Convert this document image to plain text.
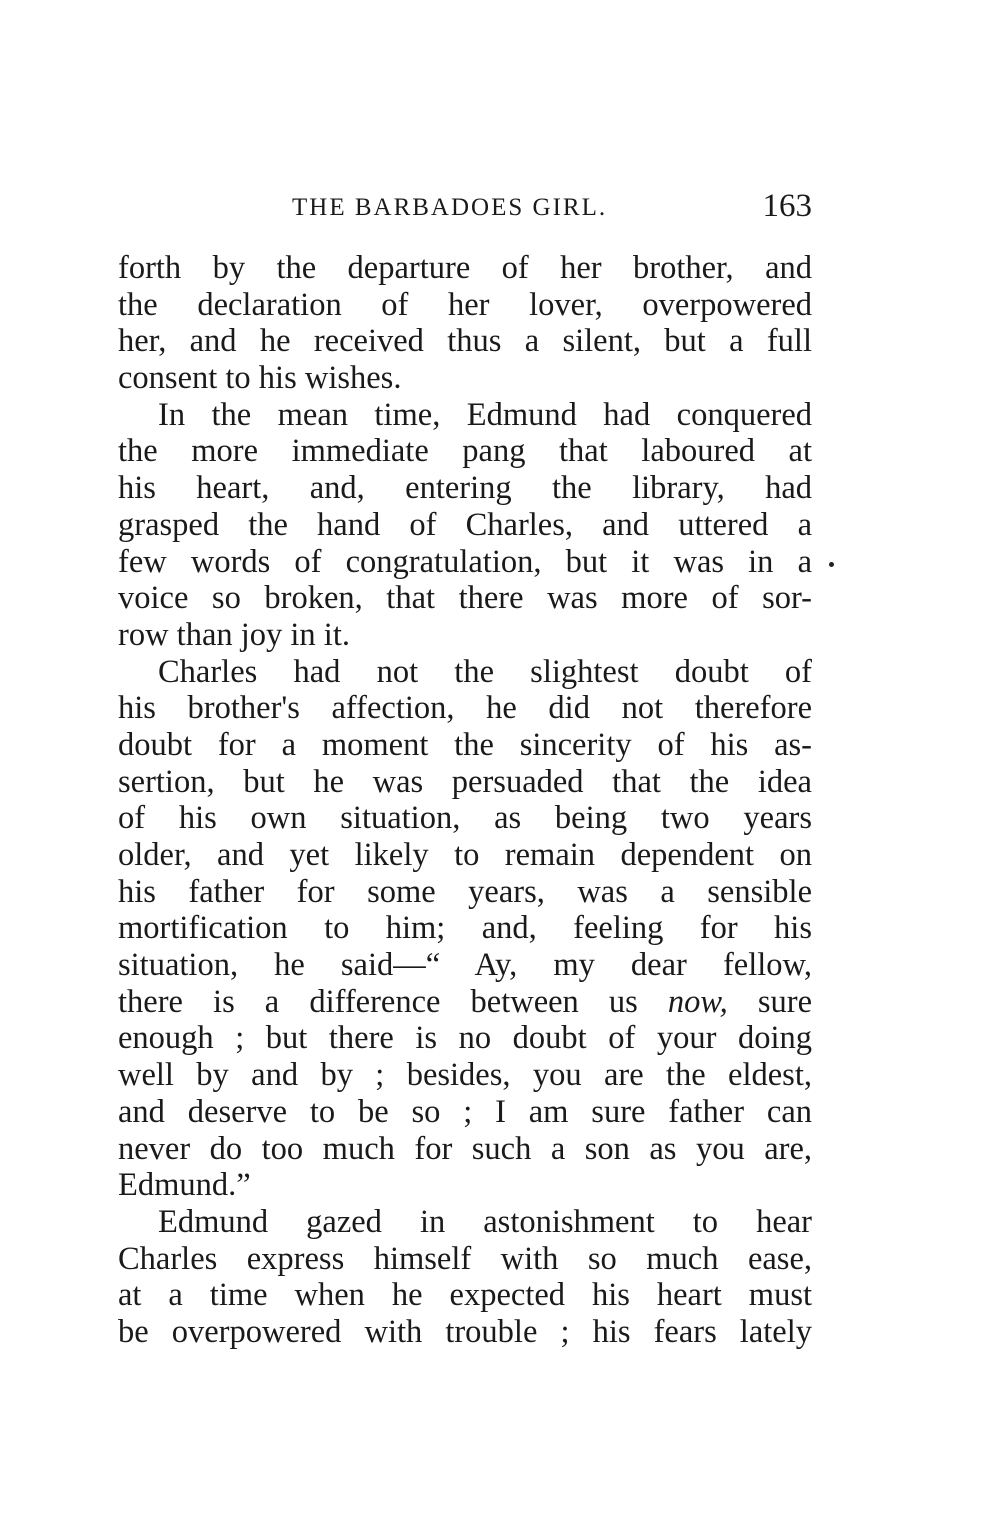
THE BARBADOES GIRL.	163
forth by the departure of her brother, and
the declaration of her lover, overpowered
her, and he received thus a silent, but a full
consent to his wishes.
In the mean time, Edmund had conquered
the more immediate pang that laboured at
his heart, and, entering the library, had
grasped the hand of Charles, and uttered a
few words of congratulation, but it was in a
voice so broken, that there was more of sor-
row than joy in it.
Charles had not the slightest doubt of
his brother's affection, he did not therefore
doubt for a moment the sincerity of his as-
sertion, but he was persuaded that the idea
of his own situation, as being two years
older, and yet likely to remain dependent on
his father for some years, was a sensible
mortification to him; and, feeling for his
situation, he said—“ Ay, my dear fellow,
there is a difference between us now, sure
enough ; but there is no doubt of your doing
well by and by ; besides, you are the eldest,
and deserve to be so ; I am sure father can
never do too much for such a son as you are,
Edmund.”
Edmund gazed in astonishment to hear
Charles express himself with so much ease,
at a time when he expected his heart must
be overpowered with trouble ; his fears lately
